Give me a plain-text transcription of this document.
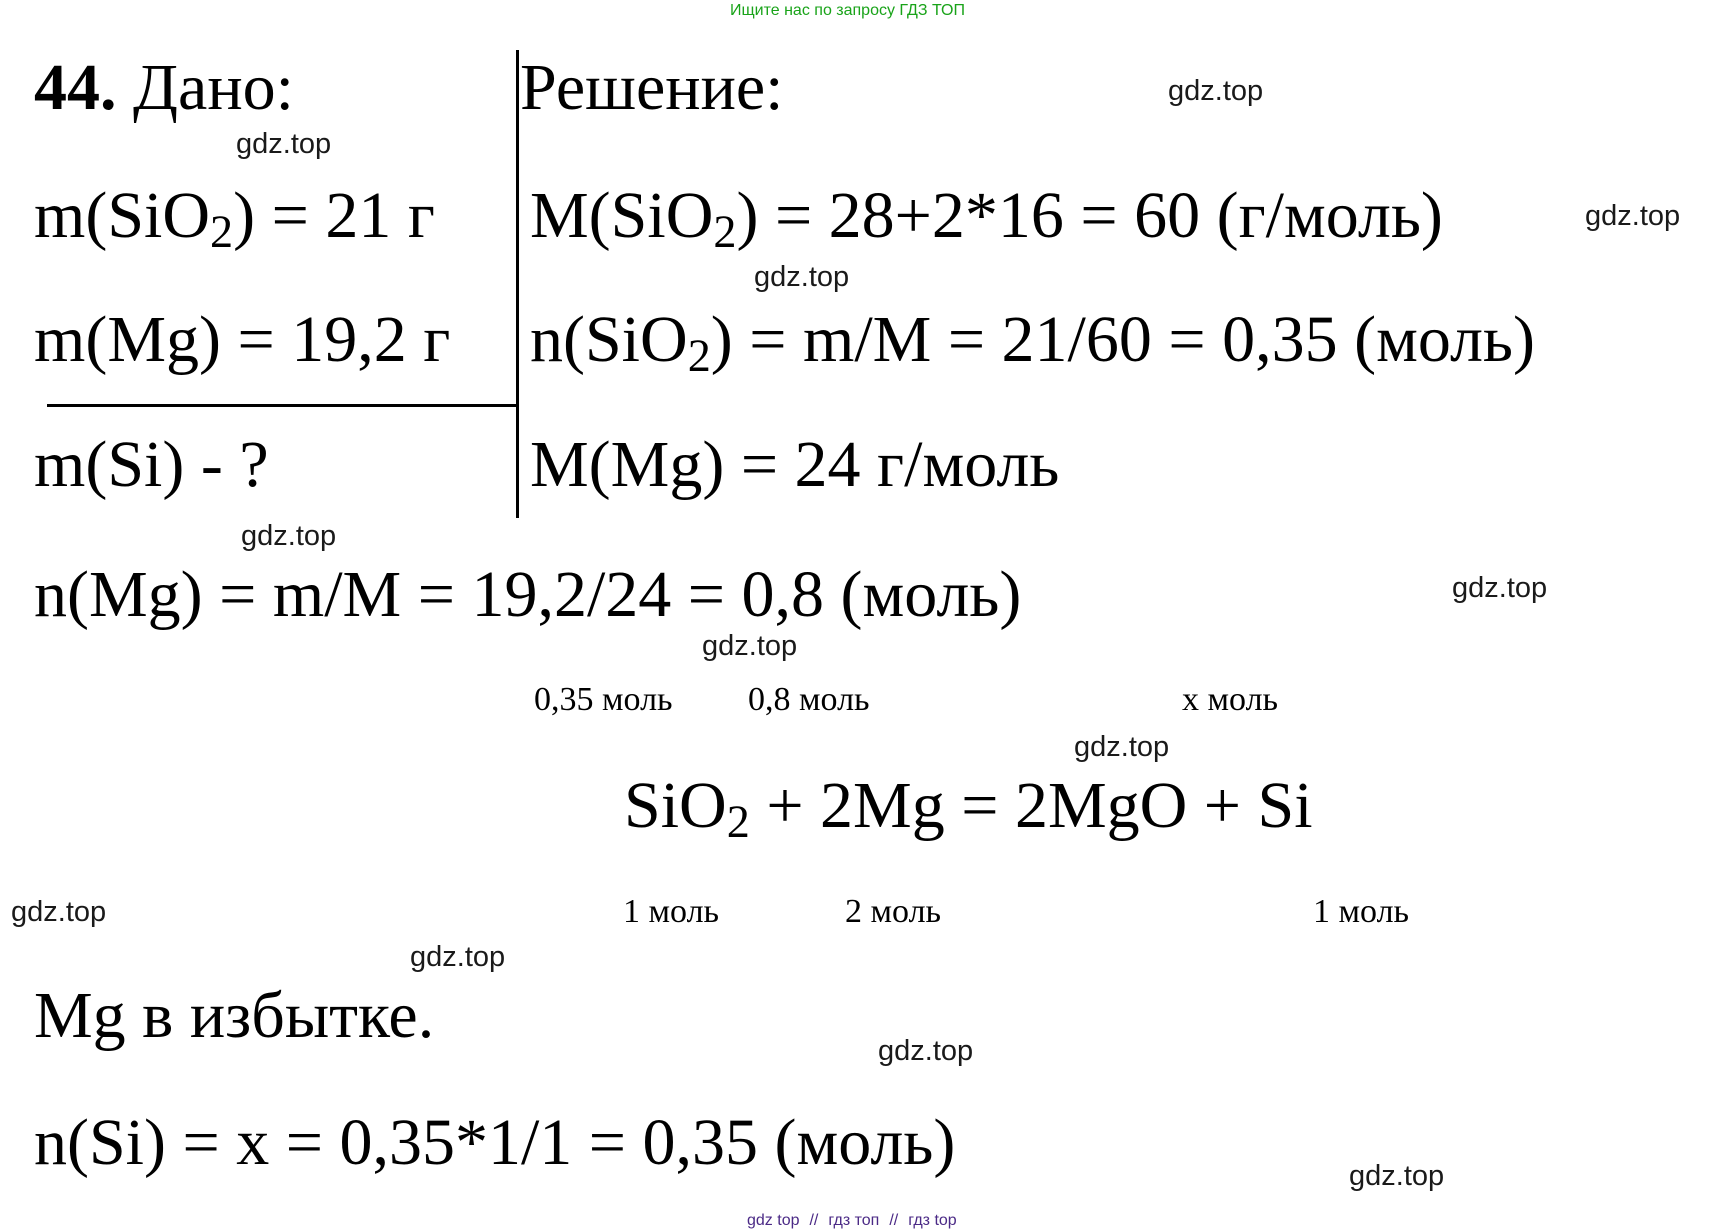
Ищите нас по запросу ГДЗ ТОП
44. Дано:
m(SiO2) = 21 г
m(Mg) = 19,2 г
m(Si) - ?
Решение:
M(SiO2) = 28+2*16 = 60 (г/моль)
n(SiO2) = m/M = 21/60 = 0,35 (моль)
M(Mg) = 24 г/моль
n(Mg) = m/M = 19,2/24 = 0,8 (моль)
0,35 моль 0,8 моль	x моль
SiO2 + 2Mg = 2MgO + Si
1 моль	2 моль	1 моль
Mg в избытке.
n(Si) = x = 0,35*1/1 = 0,35 (моль)
gdz.top
gdz.top
gdz.top
gdz.top
gdz.top
gdz.top
gdz.top
gdz.top
gdz.top
gdz.top
gdz.top
gdz.top
gdz top // гдз топ // гдз top
